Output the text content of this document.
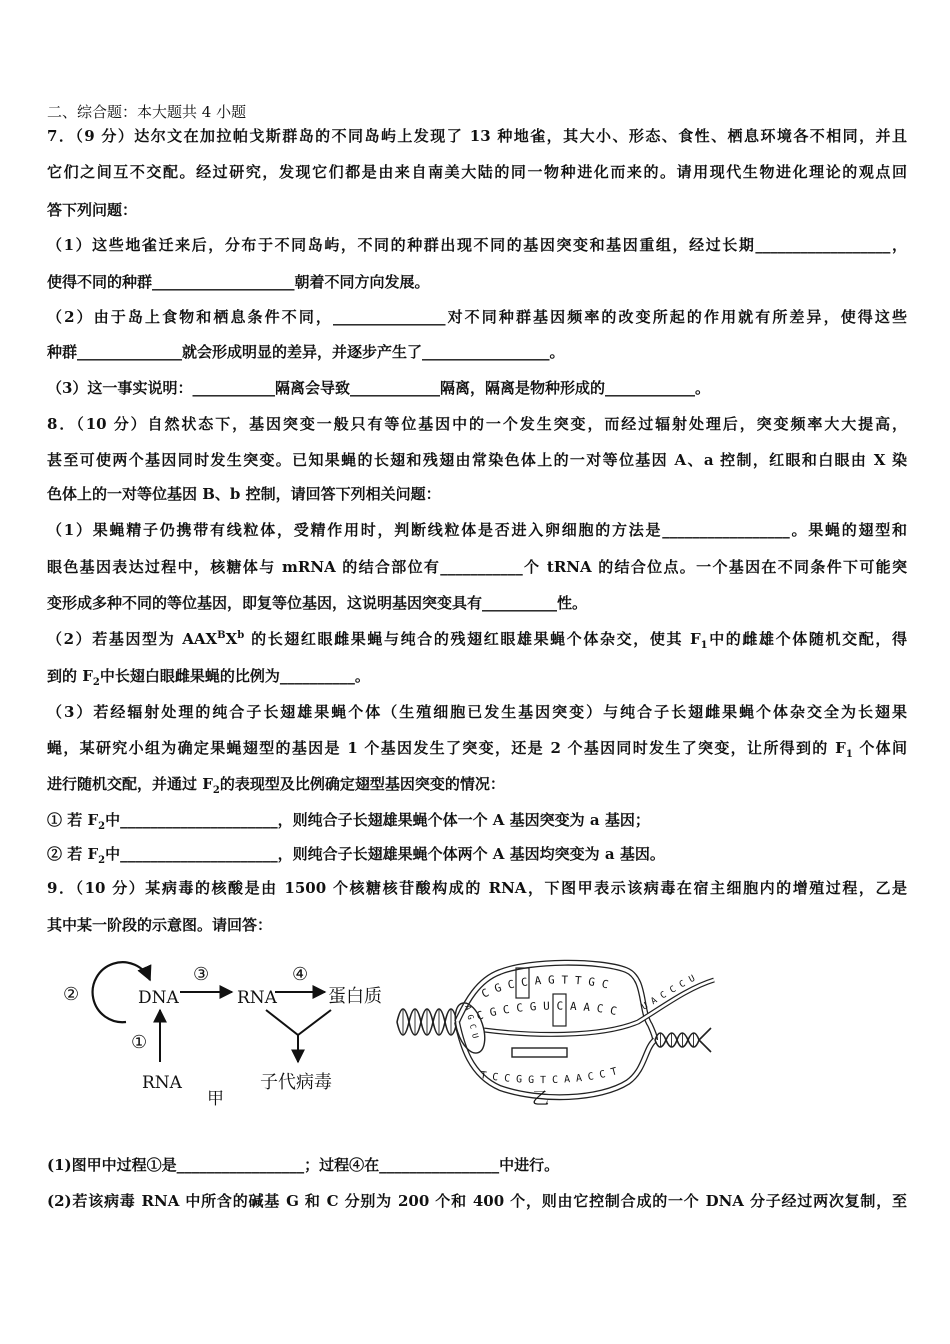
二、综合题：本大题共 4 小题
7．（9 分）达尔文在加拉帕戈斯群岛的不同岛屿上发现了 13 种地雀，其大小、形态、食性、栖息环境各不相同，并且
它们之间互不交配。经过研究，发现它们都是由来自南美大陆的同一物种进化而来的。请用现代生物进化理论的观点回
答下列问题：
（1）这些地雀迁来后，分布于不同岛屿，不同的种群出现不同的基因突变和基因重组，经过长期__________________，
使得不同的种群___________________朝着不同方向发展。
（2）由于岛上食物和栖息条件不同，_______________对不同种群基因频率的改变所起的作用就有所差异，使得这些
种群______________就会形成明显的差异，并逐步产生了_________________。
（3）这一事实说明：___________隔离会导致____________隔离，隔离是物种形成的____________。
8．（10 分）自然状态下，基因突变一般只有等位基因中的一个发生突变，而经过辐射处理后，突变频率大大提高，
甚至可使两个基因同时发生突变。已知果蝇的长翅和残翅由常染色体上的一对等位基因 A、a 控制，红眼和白眼由 X 染
色体上的一对等位基因 B、b 控制，请回答下列相关问题：
（1）果蝇精子仍携带有线粒体，受精作用时，判断线粒体是否进入卵细胞的方法是_________________。果蝇的翅型和
眼色基因表达过程中，核糖体与 mRNA 的结合部位有___________个 tRNA 的结合位点。一个基因在不同条件下可能突
变形成多种不同的等位基因，即复等位基因，这说明基因突变具有__________性。
（2）若基因型为 $AAX^BX^b$ 的长翅红眼雌果蝇与纯合的残翅红眼雄果蝇个体杂交，使其 $F_1$中的雌雄个体随机交配，得
到的 $F_2$中长翅白眼雌果蝇的比例为__________。
（3）若经辐射处理的纯合子长翅雄果蝇个体（生殖细胞已发生基因突变）与纯合子长翅雌果蝇个体杂交全为长翅果
蝇，某研究小组为确定果蝇翅型的基因是 1 个基因发生了突变，还是 2 个基因同时发生了突变，让所得到的 $F_1$ 个体间
进行随机交配，并通过 $F_2$的表现型及比例确定翅型基因突变的情况：
① 若 $F_2$中_____________________，则纯合子长翅雄果蝇个体一个 A 基因突变为 a 基因；
② 若 $F_2$中_____________________，则纯合子长翅雄果蝇个体两个 A 基因均突变为 a 基因。
9．（10 分）某病毒的核酸是由 1500 个核糖核苷酸构成的 RNA，下图甲表示该病毒在宿主细胞内的增殖过程，乙是
其中某一阶段的示意图。请回答：
②	DNA
③
RNA
④
蛋白质
①
RNA	子代病毒
甲
C G C C A G T T G C
C G C C G U C A A C C
T C C G G T C A A C C T
U A C C C U
A G C U
乙
(1)图甲中过程①是_________________；过程④在________________中进行。
(2)若该病毒 RNA 中所含的碱基 G 和 C 分别为 200 个和 400 个，则由它控制合成的一个 DNA 分子经过两次复制，至
